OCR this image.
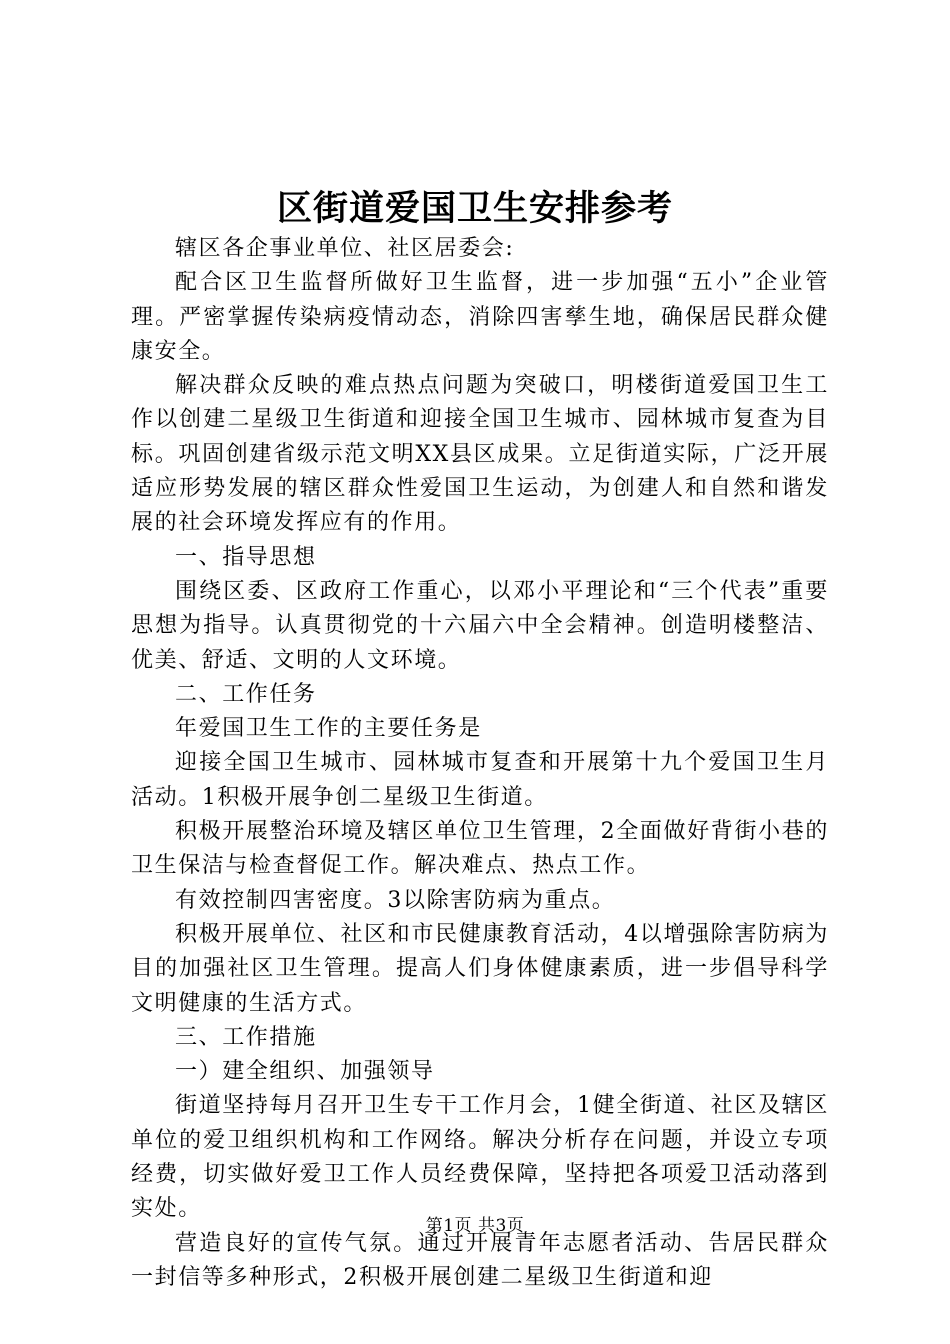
区街道爱国卫生安排参考

辖区各企事业单位、社区居委会:

配合区卫生监督所做好卫生监督，进一步加强“五小”企业管理。严密掌握传染病疫情动态，消除四害孳生地，确保居民群众健康安全。

解决群众反映的难点热点问题为突破口，明楼街道爱国卫生工作以创建二星级卫生街道和迎接全国卫生城市、园林城市复查为目标。巩固创建省级示范文明XX县区成果。立足街道实际，广泛开展适应形势发展的辖区群众性爱国卫生运动，为创建人和自然和谐发展的社会环境发挥应有的作用。

一、指导思想

围绕区委、区政府工作重心，以邓小平理论和“三个代表”重要思想为指导。认真贯彻党的十六届六中全会精神。创造明楼整洁、优美、舒适、文明的人文环境。

二、工作任务

年爱国卫生工作的主要任务是

迎接全国卫生城市、园林城市复查和开展第十九个爱国卫生月活动。1积极开展争创二星级卫生街道。

积极开展整治环境及辖区单位卫生管理，2全面做好背街小巷的卫生保洁与检查督促工作。解决难点、热点工作。

有效控制四害密度。3以除害防病为重点。

积极开展单位、社区和市民健康教育活动，4以增强除害防病为目的加强社区卫生管理。提高人们身体健康素质，进一步倡导科学文明健康的生活方式。

三、工作措施

一）建全组织、加强领导

街道坚持每月召开卫生专干工作月会，1健全街道、社区及辖区单位的爱卫组织机构和工作网络。解决分析存在问题，并设立专项经费，切实做好爱卫工作人员经费保障，坚持把各项爱卫活动落到实处。

营造良好的宣传气氛。通过开展青年志愿者活动、告居民群众一封信等多种形式，2积极开展创建二星级卫生街道和迎

第1页 共3页
